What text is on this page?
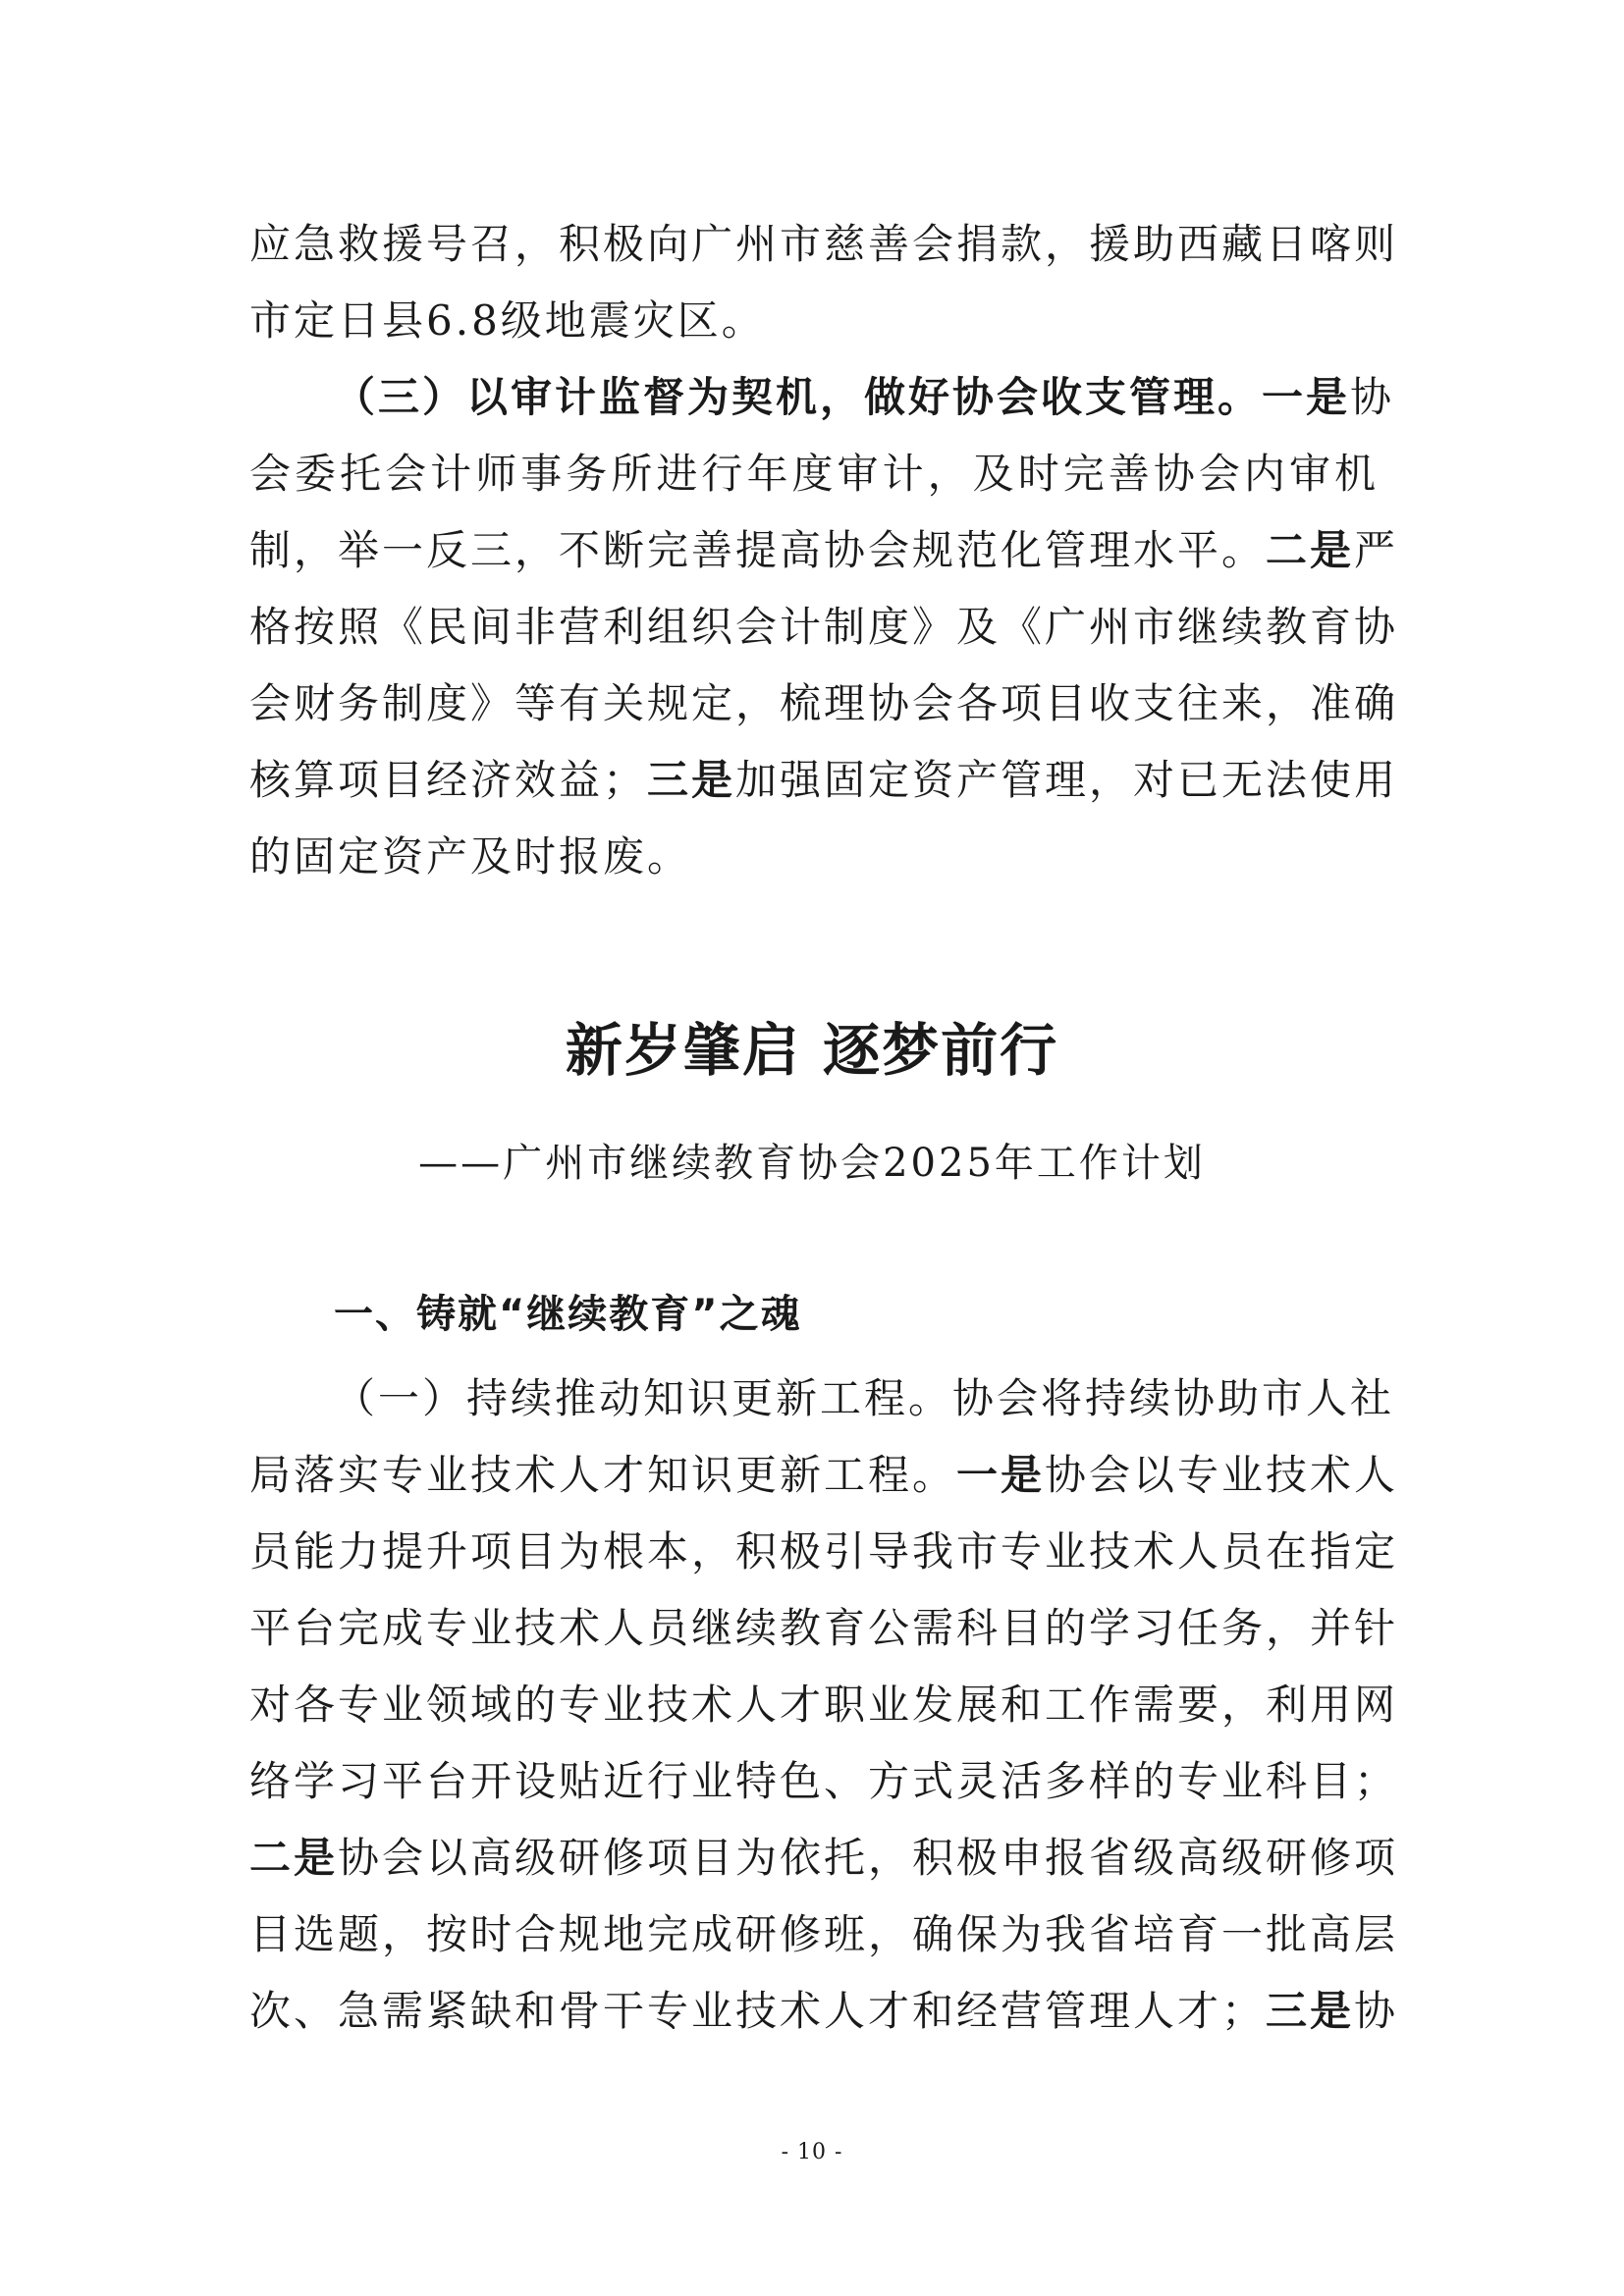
应急救援号召，积极向广州市慈善会捐款，援助西藏日喀则
市定日县6.8级地震灾区。
（三）以审计监督为契机，做好协会收支管理。一是协
会委托会计师事务所进行年度审计，及时完善协会内审机
制，举一反三，不断完善提高协会规范化管理水平。二是严
格按照《民间非营利组织会计制度》及《广州市继续教育协
会财务制度》等有关规定，梳理协会各项目收支往来，准确
核算项目经济效益；三是加强固定资产管理，对已无法使用
的固定资产及时报废。
新岁肇启 逐梦前行
——广州市继续教育协会2025年工作计划
一、铸就“继续教育”之魂
（一）持续推动知识更新工程。协会将持续协助市人社
局落实专业技术人才知识更新工程。一是协会以专业技术人
员能力提升项目为根本，积极引导我市专业技术人员在指定
平台完成专业技术人员继续教育公需科目的学习任务，并针
对各专业领域的专业技术人才职业发展和工作需要，利用网
络学习平台开设贴近行业特色、方式灵活多样的专业科目；
二是协会以高级研修项目为依托，积极申报省级高级研修项
目选题，按时合规地完成研修班，确保为我省培育一批高层
次、急需紧缺和骨干专业技术人才和经营管理人才；三是协
- 10 -
